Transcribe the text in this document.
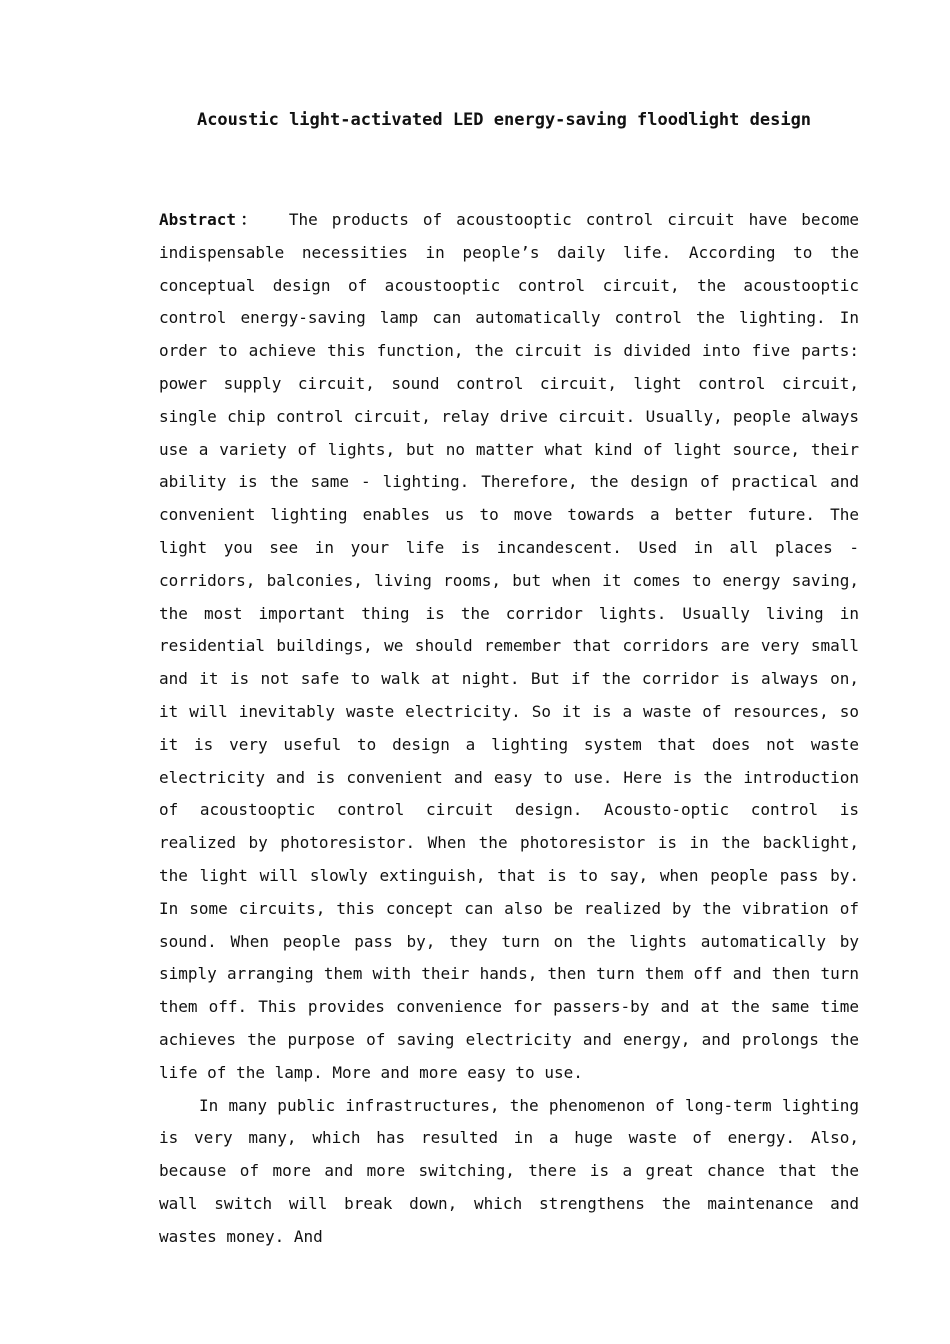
Acoustic light-activated LED energy-saving floodlight design

Abstract： The products of acoustooptic control circuit have become indispensable necessities in people’s daily life. According to the conceptual design of acoustooptic control circuit, the acoustooptic control energy-saving lamp can automatically control the lighting. In order to achieve this function, the circuit is divided into five parts: power supply circuit, sound control circuit, light control circuit, single chip control circuit, relay drive circuit. Usually, people always use a variety of lights, but no matter what kind of light source, their ability is the same - lighting. Therefore, the design of practical and convenient lighting enables us to move towards a better future. The light you see in your life is incandescent. Used in all places - corridors, balconies, living rooms, but when it comes to energy saving, the most important thing is the corridor lights. Usually living in residential buildings, we should remember that corridors are very small and it is not safe to walk at night. But if the corridor is always on, it will inevitably waste electricity. So it is a waste of resources, so it is very useful to design a lighting system that does not waste electricity and is convenient and easy to use. Here is the introduction of acoustooptic control circuit design. Acousto-optic control is realized by photoresistor. When the photoresistor is in the backlight, the light will slowly extinguish, that is to say, when people pass by. In some circuits, this concept can also be realized by the vibration of sound. When people pass by, they turn on the lights automatically by simply arranging them with their hands, then turn them off and then turn them off. This provides convenience for passers-by and at the same time achieves the purpose of saving electricity and energy, and prolongs the life of the lamp. More and more easy to use.

In many public infrastructures, the phenomenon of long-term lighting is very many, which has resulted in a huge waste of energy. Also, because of more and more switching, there is a great chance that the wall switch will break down, which strengthens the maintenance and wastes money. And
